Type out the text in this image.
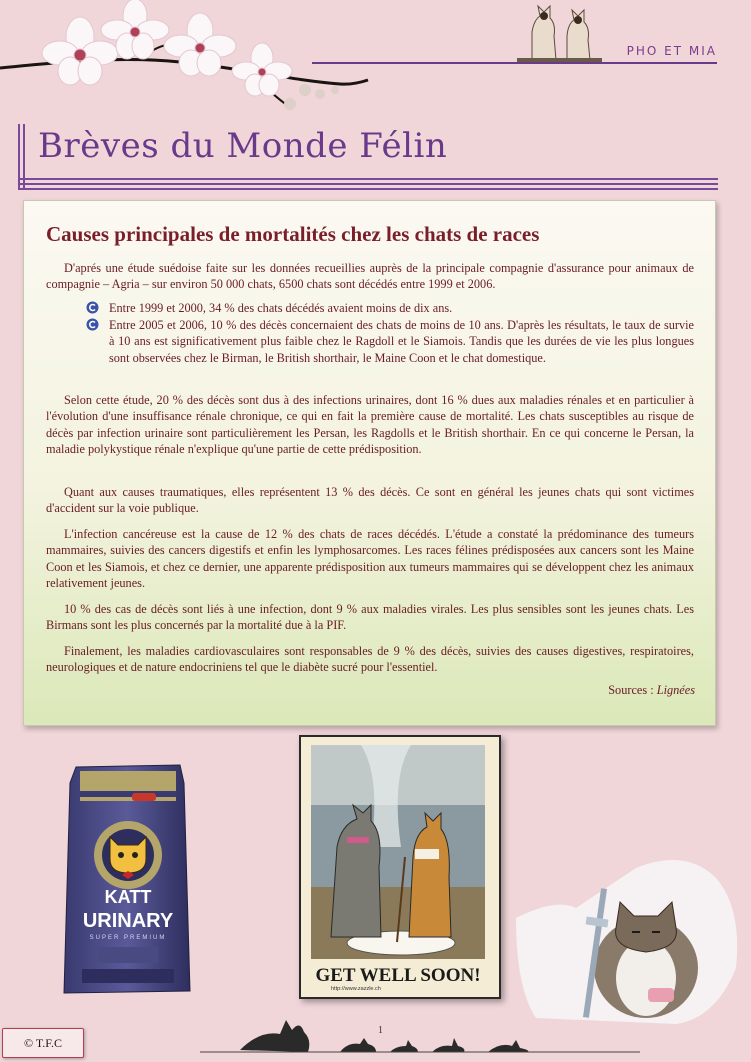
PHO ET MIA
Brèves du Monde Félin
Causes principales de mortalités chez les chats de races

D'aprés une étude suédoise faite sur les données recueillies auprès de la principale compagnie d'assurance pour animaux de compagnie – Agria – sur environ 50 000 chats, 6500 chats sont décédés entre 1999 et 2006.

Entre 1999 et 2000, 34 % des chats décédés avaient moins de dix ans.
Entre 2005 et 2006, 10 % des décès concernaient des chats de moins de 10 ans. D'après les résultats, le taux de survie à 10 ans est significativement plus faible chez le Ragdoll et le Siamois. Tandis que les durées de vie les plus longues sont observées chez le Birman, le British shorthair, le Maine Coon et le chat domestique.

Selon cette étude, 20 % des décès sont dus à des infections urinaires, dont 16 % dues aux maladies rénales et en particulier à l'évolution d'une insuffisance rénale chronique, ce qui en fait la première cause de mortalité. Les chats susceptibles au risque de décès par infection urinaire sont particulièrement les Persan, les Ragdolls et le British shorthair. En ce qui concerne le Persan, la maladie polykystique rénale n'explique qu'une partie de cette prédisposition.

Quant aux causes traumatiques, elles représentent 13 % des décès. Ce sont en général les jeunes chats qui sont victimes d'accident sur la voie publique.

L'infection cancéreuse est la cause de 12 % des chats de races décédés. L'étude a constaté la prédominance des tumeurs mammaires, suivies des cancers digestifs et enfin les lymphosarcomes. Les races félines prédisposées aux cancers sont les Maine Coon et les Siamois, et chez ce dernier, une apparente prédisposition aux tumeurs mammaires qui se développent chez les animaux relativement jeunes.

10 % des cas de décès sont liés à une infection, dont 9 % aux maladies virales. Les plus sensibles sont les jeunes chats. Les Birmans sont les plus concernés par la mortalité due à la PIF.

Finalement, les maladies cardiovasculaires sont responsables de 9 % des décès, suivies des causes digestives, respiratoires, neurologiques et de nature endocriniens tel que le diabète sucré pour l'essentiel.

Sources : Lignées
KATT
URINARY
SUPER PREMIUM
GET WELL SOON!
http://www.zazzle.ch
1
© T.F.C
